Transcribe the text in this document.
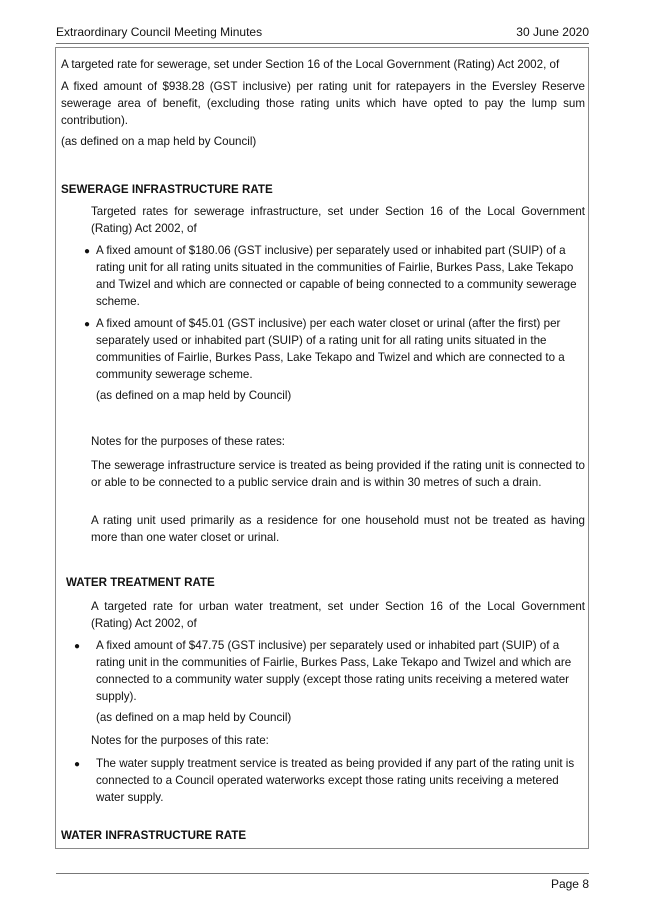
Extraordinary Council Meeting Minutes	30 June 2020

A targeted rate for sewerage, set under Section 16 of the Local Government (Rating) Act 2002, of

A fixed amount of $938.28 (GST inclusive) per rating unit for ratepayers in the Eversley Reserve sewerage area of benefit, (excluding those rating units which have opted to pay the lump sum contribution).

(as defined on a map held by Council)

SEWERAGE INFRASTRUCTURE RATE

Targeted rates for sewerage infrastructure, set under Section 16 of the Local Government (Rating) Act 2002, of

● A fixed amount of $180.06 (GST inclusive) per separately used or inhabited part (SUIP) of a rating unit for all rating units situated in the communities of Fairlie, Burkes Pass, Lake Tekapo and Twizel and which are connected or capable of being connected to a community sewerage scheme.

● A fixed amount of $45.01 (GST inclusive) per each water closet or urinal (after the first) per separately used or inhabited part (SUIP) of a rating unit for all rating units situated in the communities of Fairlie, Burkes Pass, Lake Tekapo and Twizel and which are connected to a community sewerage scheme.

(as defined on a map held by Council)

Notes for the purposes of these rates:

The sewerage infrastructure service is treated as being provided if the rating unit is connected to or able to be connected to a public service drain and is within 30 metres of such a drain.

A rating unit used primarily as a residence for one household must not be treated as having more than one water closet or urinal.

WATER TREATMENT RATE

A targeted rate for urban water treatment, set under Section 16 of the Local Government (Rating) Act 2002, of

● A fixed amount of $47.75 (GST inclusive) per separately used or inhabited part (SUIP) of a rating unit in the communities of Fairlie, Burkes Pass, Lake Tekapo and Twizel and which are connected to a community water supply (except those rating units receiving a metered water supply).

(as defined on a map held by Council)

Notes for the purposes of this rate:

● The water supply treatment service is treated as being provided if any part of the rating unit is connected to a Council operated waterworks except those rating units receiving a metered water supply.

WATER INFRASTRUCTURE RATE

Page 8
